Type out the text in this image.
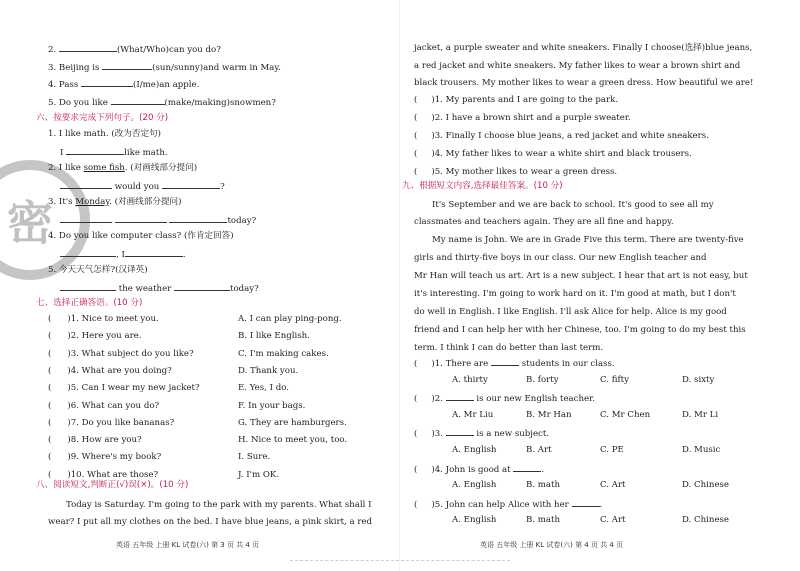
密
2.	(What/Who)can you do?
3. Beijing is	(sun/sunny)and warm in May.
4. Pass	(I/me)an apple.
5. Do you like	(make/making)snowmen?
六、按要求完成下列句子。(20 分)
1. I like math. (改为否定句)
I	like math.
2. I like some fish. (对画线部分提问)
would you	?
3. It's Monday. (对画线部分提问)
today?
4. Do you like computer class? (作肯定回答)
, I	.
5. 今天天气怎样?(汉译英)
the weather	today?
七、选择正确答语。(10 分)
( )1. Nice to meet you.	A. I can play ping-pong.
( )2. Here you are.	B. I like English.
( )3. What subject do you like?	C. I'm making cakes.
( )4. What are you doing?	D. Thank you.
( )5. Can I wear my new jacket?	E. Yes, I do.
( )6. What can you do?	F. In your bags.
( )7. Do you like bananas?	G. They are hamburgers.
( )8. How are you?	H. Nice to meet you, too.
( )9. Where's my book?	I. Sure.
( )10. What are those?	J. I'm OK.
八、阅读短文,判断正(√)误(×)。(10 分)
Today is Saturday. I'm going to the park with my parents. What shall I
wear? I put all my clothes on the bed. I have blue jeans, a pink skirt, a red
英语 五年级 上册 KL 试卷(六) 第 3 页 共 4 页
jacket, a purple sweater and white sneakers. Finally I choose(选择)blue jeans,
a red jacket and white sneakers. My father likes to wear a brown shirt and
black trousers. My mother likes to wear a green dress. How beautiful we are!
( )1. My parents and I are going to the park.
( )2. I have a brown shirt and a purple sweater.
( )3. Finally I choose blue jeans, a red jacket and white sneakers.
( )4. My father likes to wear a white shirt and black trousers.
( )5. My mother likes to wear a green dress.
九、根据短文内容,选择最佳答案。(10 分)
It's September and we are back to school. It's good to see all my
classmates and teachers again. They are all fine and happy.
My name is John. We are in Grade Five this term. There are twenty-five
girls and thirty-five boys in our class. Our new English teacher and
Mr Han will teach us art. Art is a new subject. I hear that art is not easy, but
it's interesting. I'm going to work hard on it. I'm good at math, but I don't
do well in English. I like English. I'll ask Alice for help. Alice is my good
friend and I can help her with her Chinese, too. I'm going to do my best this
term. I think I can do better than last term.
( )1. There are	students in our class.
A. thirty	B. forty	C. fifty	D. sixty
( )2.	is our new English teacher.
A. Mr Liu	B. Mr Han	C. Mr Chen	D. Mr Li
( )3.	is a new subject.
A. English	B. Art	C. PE	D. Music
( )4. John is good at	.
A. English	B. math	C. Art	D. Chinese
( )5. John can help Alice with her	.
A. English	B. math	C. Art	D. Chinese
英语 五年级 上册 KL 试卷(六) 第 4 页 共 4 页
